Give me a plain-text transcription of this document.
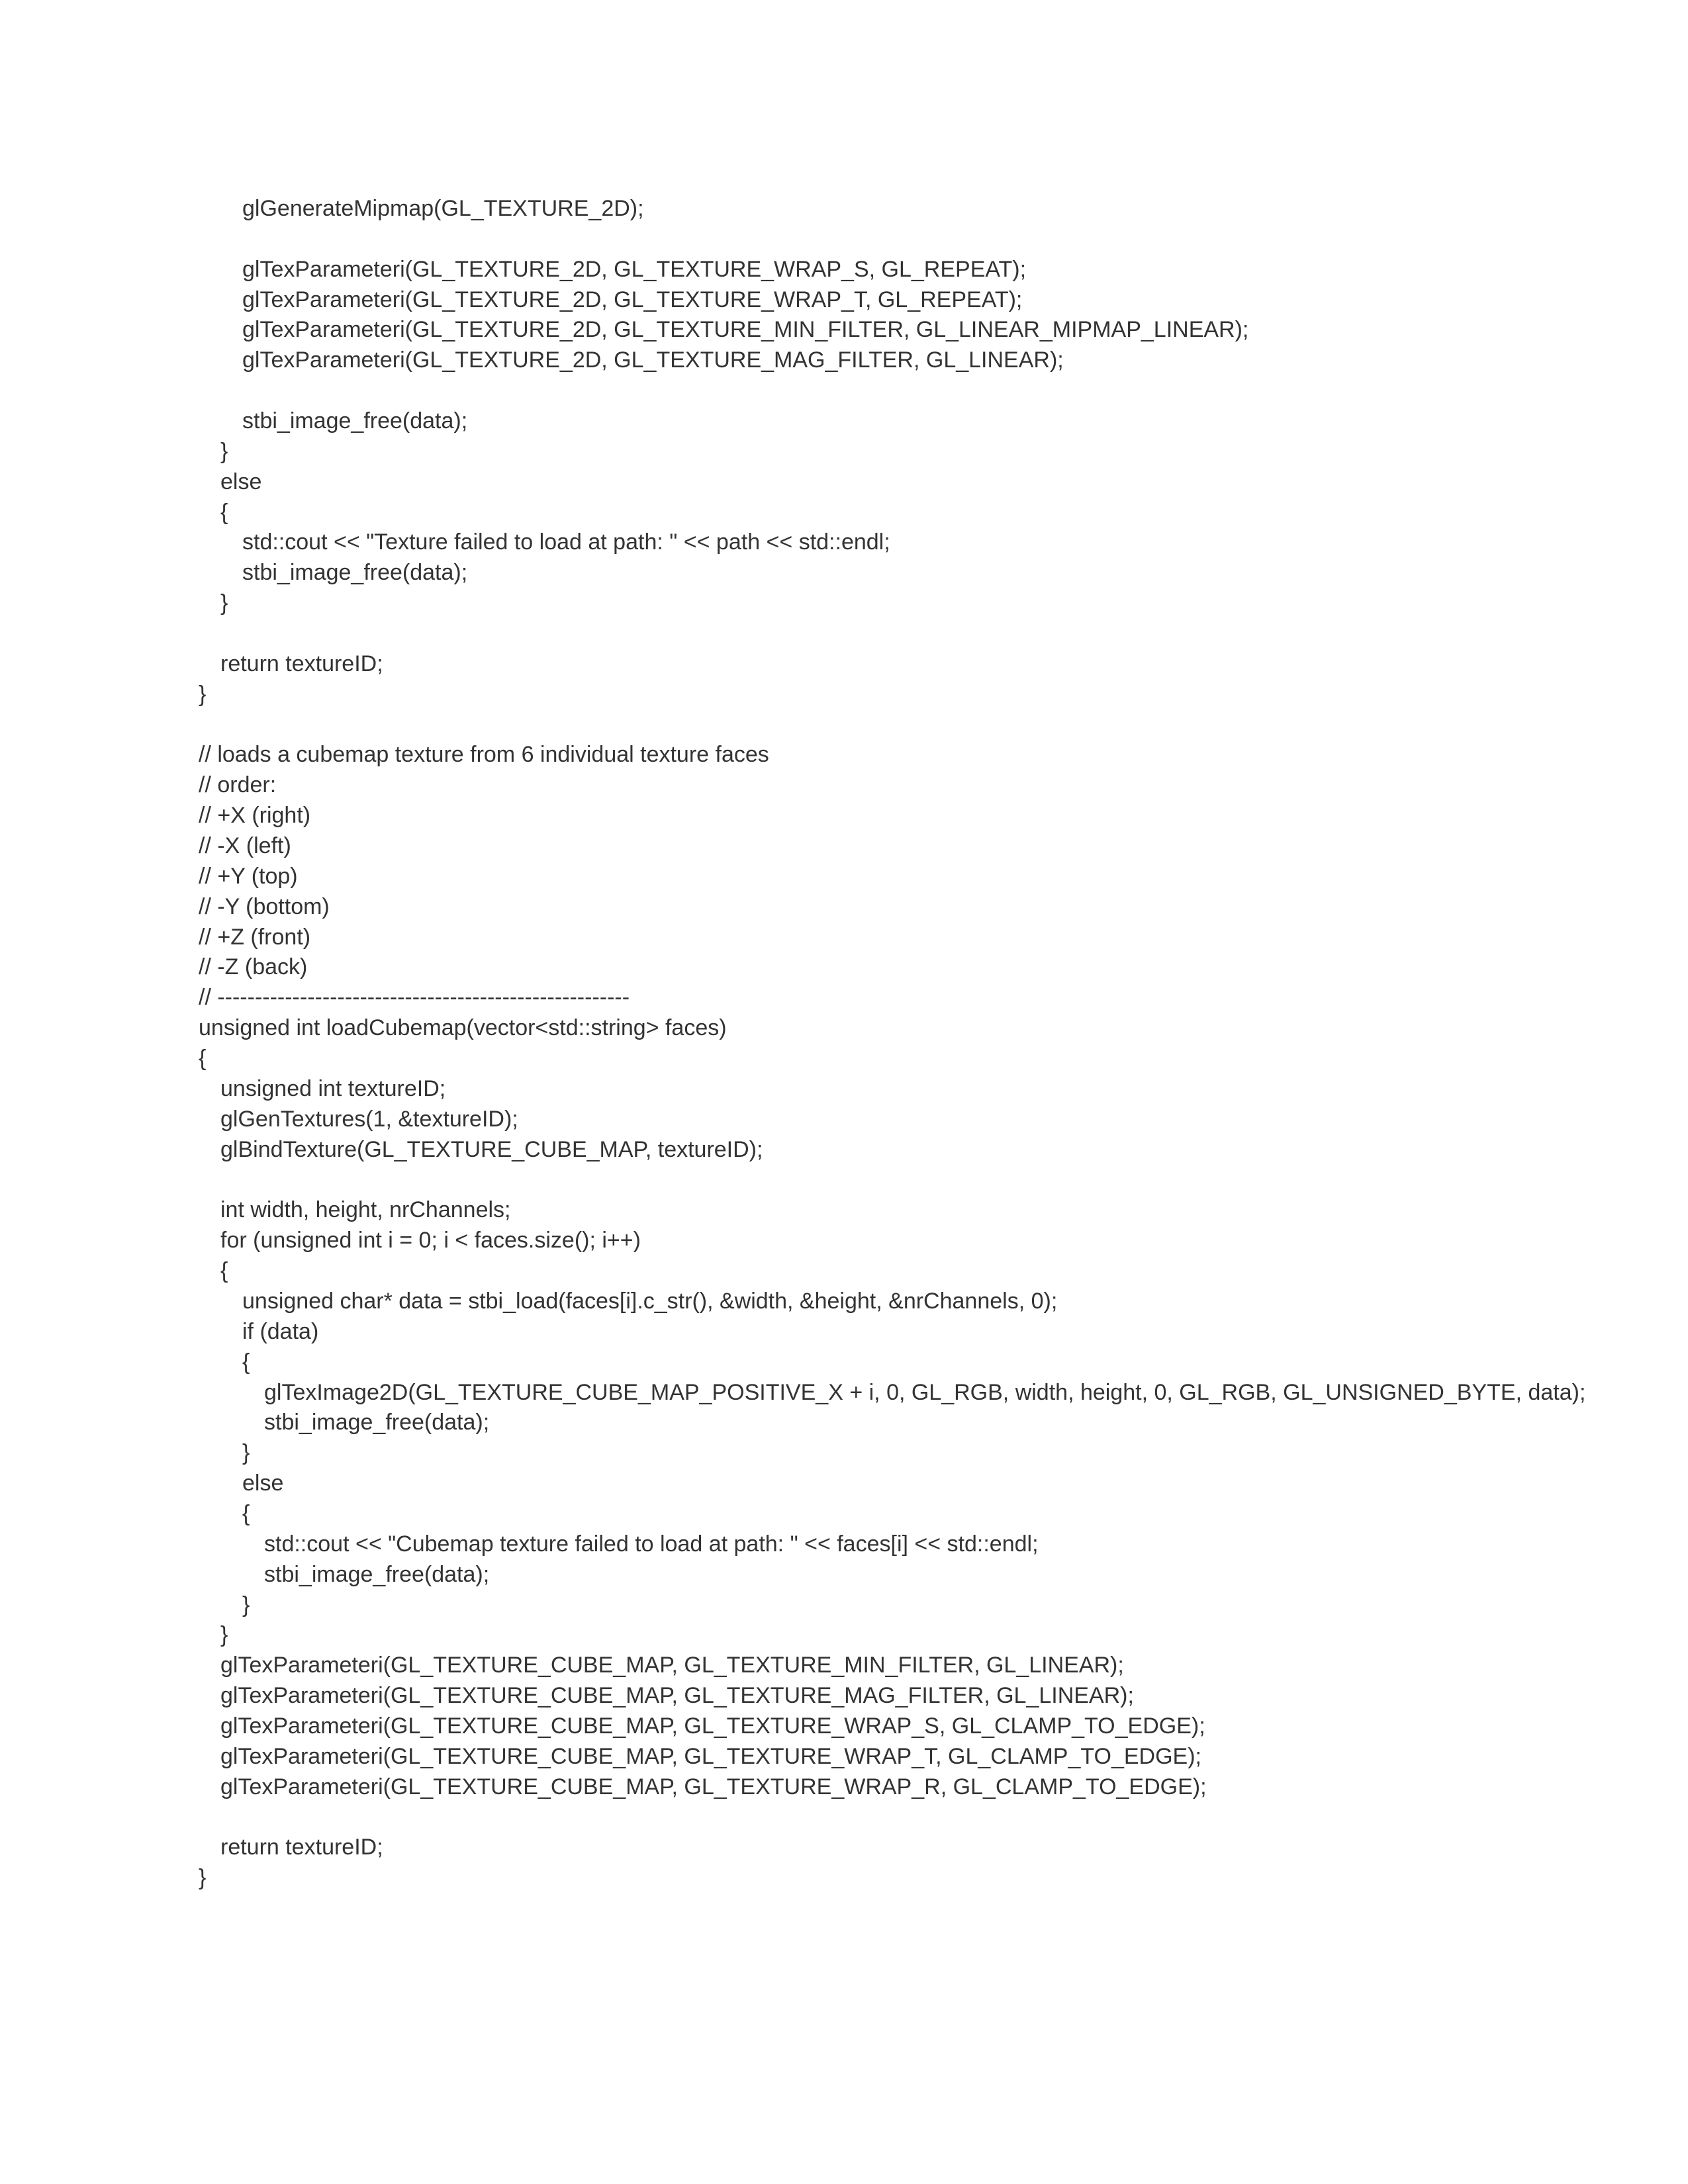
glGenerateMipmap(GL_TEXTURE_2D);
glTexParameteri(GL_TEXTURE_2D, GL_TEXTURE_WRAP_S, GL_REPEAT);
glTexParameteri(GL_TEXTURE_2D, GL_TEXTURE_WRAP_T, GL_REPEAT);
glTexParameteri(GL_TEXTURE_2D, GL_TEXTURE_MIN_FILTER, GL_LINEAR_MIPMAP_LINEAR);
glTexParameteri(GL_TEXTURE_2D, GL_TEXTURE_MAG_FILTER, GL_LINEAR);
stbi_image_free(data);
}
else
{
std::cout << "Texture failed to load at path: " << path << std::endl;
stbi_image_free(data);
}
return textureID;
}
// loads a cubemap texture from 6 individual texture faces
// order:
// +X (right)
// -X (left)
// +Y (top)
// -Y (bottom)
// +Z (front)
// -Z (back)
// -------------------------------------------------------
unsigned int loadCubemap(vector<std::string> faces)
{
unsigned int textureID;
glGenTextures(1, &textureID);
glBindTexture(GL_TEXTURE_CUBE_MAP, textureID);
int width, height, nrChannels;
for (unsigned int i = 0; i < faces.size(); i++)
{
unsigned char* data = stbi_load(faces[i].c_str(), &width, &height, &nrChannels, 0);
if (data)
{
glTexImage2D(GL_TEXTURE_CUBE_MAP_POSITIVE_X + i, 0, GL_RGB, width, height, 0, GL_RGB, GL_UNSIGNED_BYTE, data);
stbi_image_free(data);
}
else
{
std::cout << "Cubemap texture failed to load at path: " << faces[i] << std::endl;
stbi_image_free(data);
}
}
glTexParameteri(GL_TEXTURE_CUBE_MAP, GL_TEXTURE_MIN_FILTER, GL_LINEAR);
glTexParameteri(GL_TEXTURE_CUBE_MAP, GL_TEXTURE_MAG_FILTER, GL_LINEAR);
glTexParameteri(GL_TEXTURE_CUBE_MAP, GL_TEXTURE_WRAP_S, GL_CLAMP_TO_EDGE);
glTexParameteri(GL_TEXTURE_CUBE_MAP, GL_TEXTURE_WRAP_T, GL_CLAMP_TO_EDGE);
glTexParameteri(GL_TEXTURE_CUBE_MAP, GL_TEXTURE_WRAP_R, GL_CLAMP_TO_EDGE);
return textureID;
}
